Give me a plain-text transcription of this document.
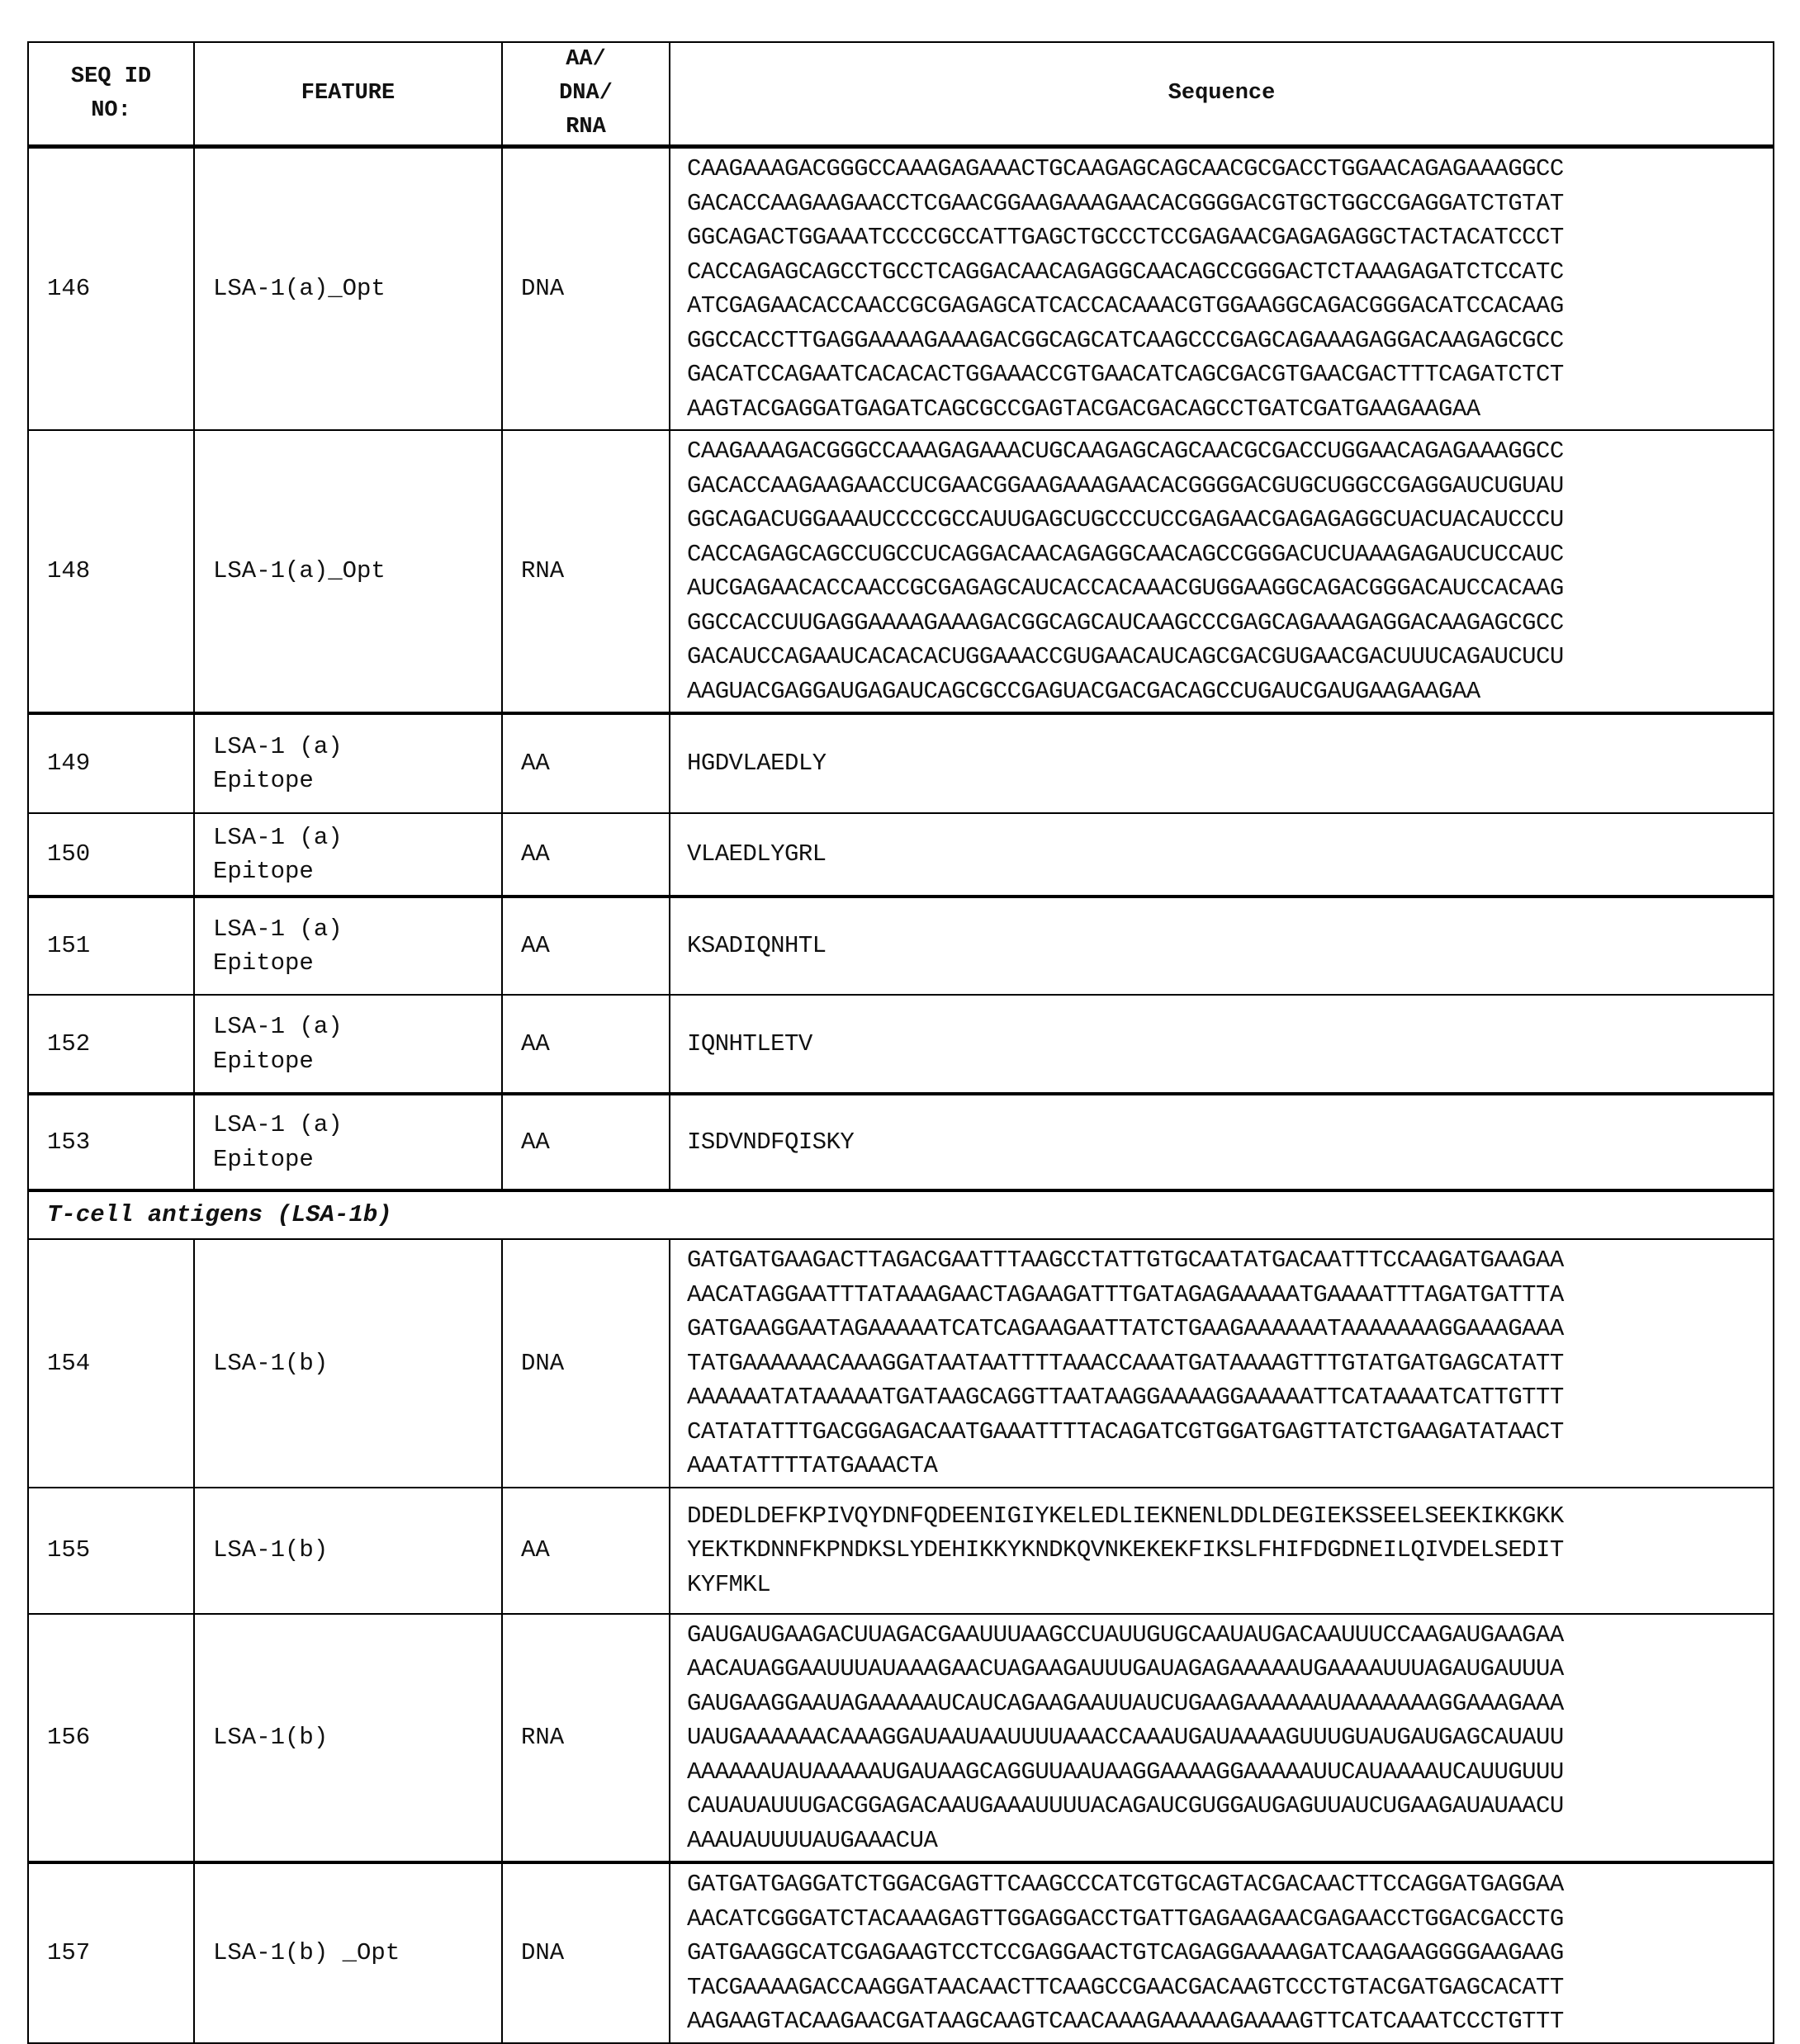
SEQ ID
NO:	FEATURE	AA/
DNA/
RNA	Sequence
146	LSA-1(a)_Opt	DNA	
CAAGAAAGACGGGCCAAAGAGAAACTGCAAGAGCAGCAACGCGACCTGGAACAGAGAAAGGCC
GACACCAAGAAGAACCTCGAACGGAAGAAAGAACACGGGGACGTGCTGGCCGAGGATCTGTAT
GGCAGACTGGAAATCCCCGCCATTGAGCTGCCCTCCGAGAACGAGAGAGGCTACTACATCCCT
CACCAGAGCAGCCTGCCTCAGGACAACAGAGGCAACAGCCGGGACTCTAAAGAGATCTCCATC
ATCGAGAACACCAACCGCGAGAGCATCACCACAAACGTGGAAGGCAGACGGGACATCCACAAG
GGCCACCTTGAGGAAAAGAAAGACGGCAGCATCAAGCCCGAGCAGAAAGAGGACAAGAGCGCC
GACATCCAGAATCACACACTGGAAACCGTGAACATCAGCGACGTGAACGACTTTCAGATCTCT
AAGTACGAGGATGAGATCAGCGCCGAGTACGACGACAGCCTGATCGATGAAGAAGAA

148	LSA-1(a)_Opt	RNA	
CAAGAAAGACGGGCCAAAGAGAAACUGCAAGAGCAGCAACGCGACCUGGAACAGAGAAAGGCC
GACACCAAGAAGAACCUCGAACGGAAGAAAGAACACGGGGACGUGCUGGCCGAGGAUCUGUAU
GGCAGACUGGAAAUCCCCGCCAUUGAGCUGCCCUCCGAGAACGAGAGAGGCUACUACAUCCCU
CACCAGAGCAGCCUGCCUCAGGACAACAGAGGCAACAGCCGGGACUCUAAAGAGAUCUCCAUC
AUCGAGAACACCAACCGCGAGAGCAUCACCACAAACGUGGAAGGCAGACGGGACAUCCACAAG
GGCCACCUUGAGGAAAAGAAAGACGGCAGCAUCAAGCCCGAGCAGAAAGAGGACAAGAGCGCC
GACAUCCAGAAUCACACACUGGAAACCGUGAACAUCAGCGACGUGAACGACUUUCAGAUCUCU
AAGUACGAGGAUGAGAUCAGCGCCGAGUACGACGACAGCCUGAUCGAUGAAGAAGAA

149	LSA-1 (a)
Epitope	AA	HGDVLAEDLY

150	LSA-1 (a)
Epitope	AA	VLAEDLYGRL

151	LSA-1 (a)
Epitope	AA	KSADIQNHTL

152	LSA-1 (a)
Epitope	AA	IQNHTLETV

153	LSA-1 (a)
Epitope	AA	ISDVNDFQISKY

T-cell antigens (LSA-1b)			
154	LSA-1(b)	DNA	
GATGATGAAGACTTAGACGAATTTAAGCCTATTGTGCAATATGACAATTTCCAAGATGAAGAA
AACATAGGAATTTATAAAGAACTAGAAGATTTGATAGAGAAAAATGAAAATTTAGATGATTTA
GATGAAGGAATAGAAAAATCATCAGAAGAATTATCTGAAGAAAAAATAAAAAAAGGAAAGAAA
TATGAAAAAACAAAGGATAATAATTTTAAACCAAATGATAAAAGTTTGTATGATGAGCATATT
AAAAAATATAAAAATGATAAGCAGGTTAATAAGGAAAAGGAAAAATTCATAAAATCATTGTTT
CATATATTTGACGGAGACAATGAAATTTTACAGATCGTGGATGAGTTATCTGAAGATATAACT
AAATATTTTATGAAACTA

155	LSA-1(b)	AA	DDEDLDEFKPIVQYDNFQDEENIGIYKELEDLIEKNENLDDLDEGIEKSSEELSEEKIKKGKK
YEKTKDNNFKPNDKSLYDEHIKKYKNDKQVNKEKEKFIKSLFHIFDGDNEILQIVDELSEDIT
KYFMKL

156	LSA-1(b)	RNA	
GAUGAUGAAGACUUAGACGAAUUUAAGCCUAUUGUGCAAUAUGACAAUUUCCAAGAUGAAGAA
AACAUAGGAAUUUAUAAAGAACUAGAAGAUUUGAUAGAGAAAAAUGAAAAUUUAGAUGAUUUA
GAUGAAGGAAUAGAAAAAUCAUCAGAAGAAUUAUCUGAAGAAAAAAUAAAAAAAGGAAAGAAA
UAUGAAAAAACAAAGGAUAAUAAUUUUAAACCAAAUGAUAAAAGUUUGUAUGAUGAGCAUAUU
AAAAAAUAUAAAAAUGAUAAGCAGGUUAAUAAGGAAAAGGAAAAAUUCAUAAAAUCAUUGUUU
CAUAUAUUUGACGGAGACAAUGAAAUUUUACAGAUCGUGGAUGAGUUAUCUGAAGAUAUAACU
AAAUAUUUUAUGAAACUA

157	LSA-1(b) _Opt	DNA	GATGATGAGGATCTGGACGAGTTCAAGCCCATCGTGCAGTACGACAACTTCCAGGATGAGGAA
AACATCGGGATCTACAAAGAGTTGGAGGACCTGATTGAGAAGAACGAGAACCTGGACGACCTG
GATGAAGGCATCGAGAAGTCCTCCGAGGAACTGTCAGAGGAAAAGATCAAGAAGGGGAAGAAG
TACGAAAAGACCAAGGATAACAACTTCAAGCCGAACGACAAGTCCCTGTACGATGAGCACATT
AAGAAGTACAAGAACGATAAGCAAGTCAACAAAGAAAAAGAAAAGTTCATCAAATCCCTGTTT
